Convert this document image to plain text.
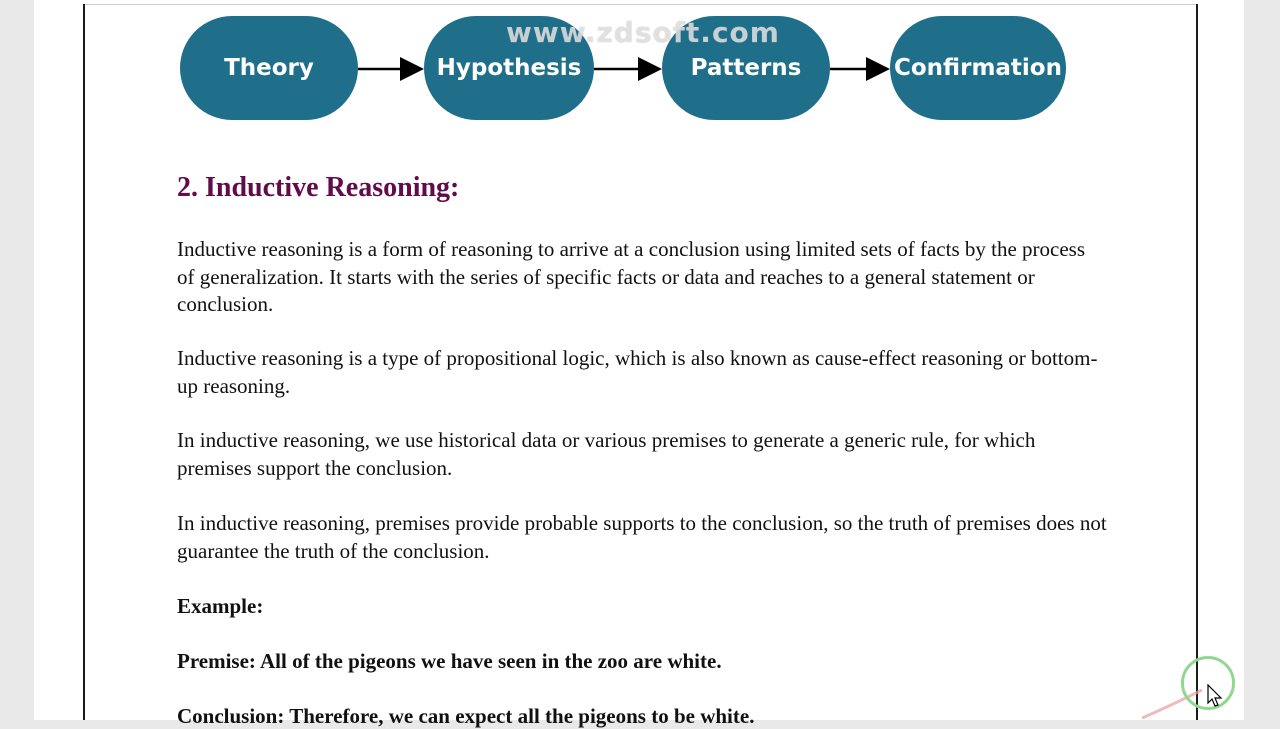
Theory	Hypothesis	Patterns	Confirmation
www.zdsoft.com
2. Inductive Reasoning:

Inductive reasoning is a form of reasoning to arrive at a conclusion using limited sets of facts by the process of generalization. It starts with the series of specific facts or data and reaches to a general statement or conclusion.

Inductive reasoning is a type of propositional logic, which is also known as cause-effect reasoning or bottom-up reasoning.

In inductive reasoning, we use historical data or various premises to generate a generic rule, for which premises support the conclusion.

In inductive reasoning, premises provide probable supports to the conclusion, so the truth of premises does not guarantee the truth of the conclusion.

Example:

Premise: All of the pigeons we have seen in the zoo are white.

Conclusion: Therefore, we can expect all the pigeons to be white.
